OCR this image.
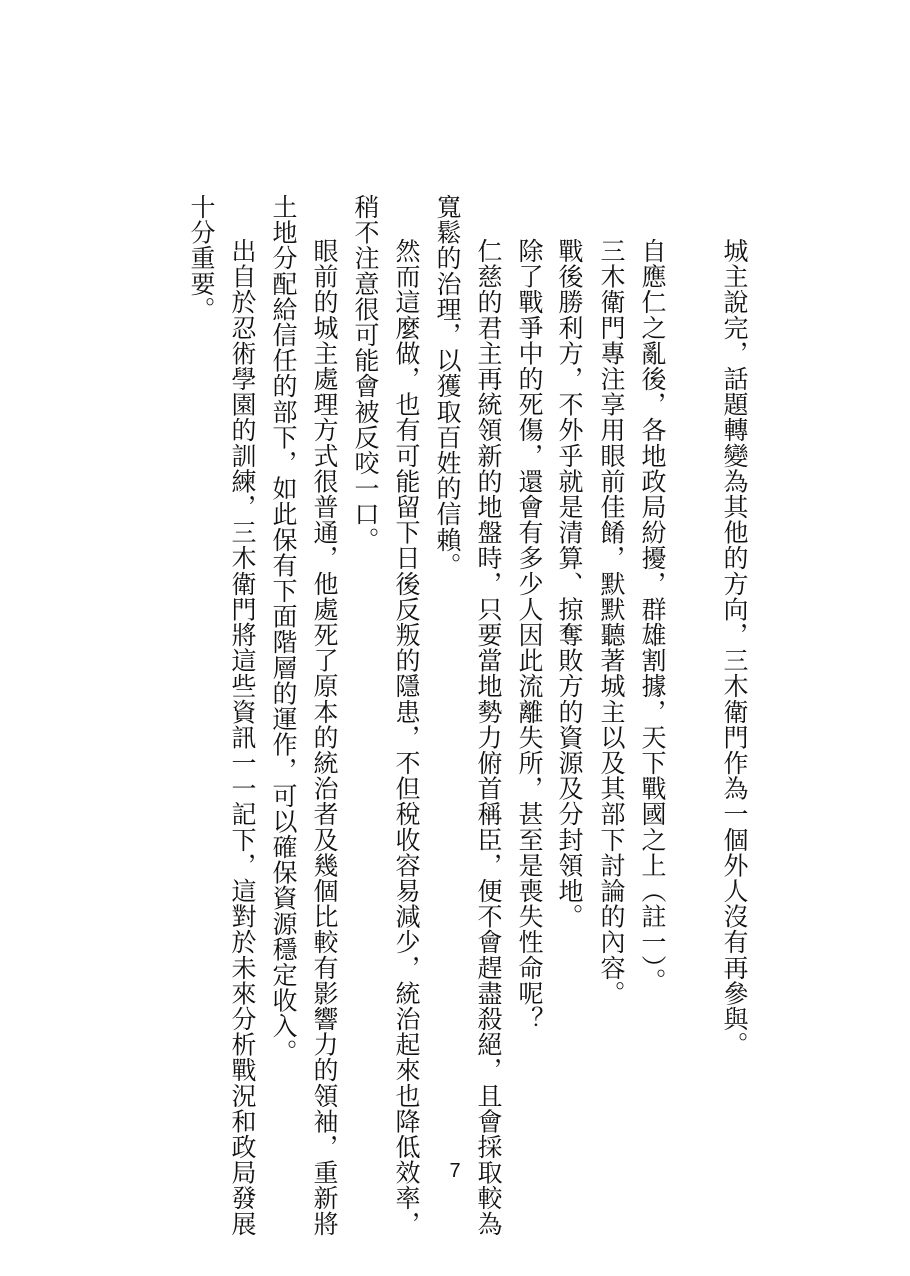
城主說完，話題轉變為其他的方向，三木衛門作為一個外人沒有再參與。
自應仁之亂後，各地政局紛擾，群雄割據，天下戰國之上（註一）。
三木衛門專注享用眼前佳餚，默默聽著城主以及其部下討論的內容。
戰後勝利方，不外乎就是清算、掠奪敗方的資源及分封領地。
除了戰爭中的死傷，還會有多少人因此流離失所，甚至是喪失性命呢？
仁慈的君主再統領新的地盤時，只要當地勢力俯首稱臣，便不會趕盡殺絕，且會採取較為
寬鬆的治理，以獲取百姓的信賴。
然而這麼做，也有可能留下日後反叛的隱患，不但稅收容易減少，統治起來也降低效率，
稍不注意很可能會被反咬一口。
眼前的城主處理方式很普通，他處死了原本的統治者及幾個比較有影響力的領袖，重新將
土地分配給信任的部下，如此保有下面階層的運作，可以確保資源穩定收入。
出自於忍術學園的訓練，三木衛門將這些資訊一一記下，這對於未來分析戰況和政局發展
十分重要。
7
